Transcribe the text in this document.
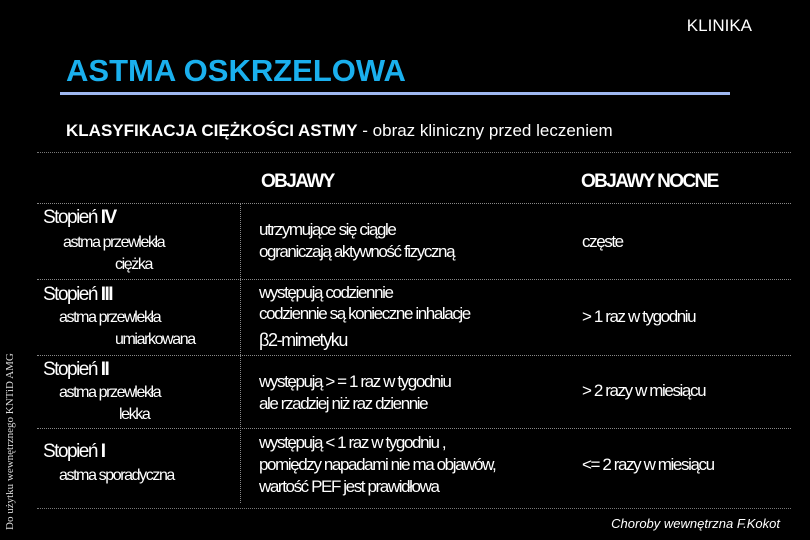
KLINIKA
ASTMA OSKRZELOWA
KLASYFIKACJA CIĘŻKOŚCI ASTMY - obraz kliniczny przed leczeniem
Do użytku wewnętrznego KNTiD AMG
OBJAWY	OBJAWY NOCNE
Stopień IV
astma przewlekła
ciężka
utrzymujące się ciągle
ograniczają aktywność fizyczną
częste
Stopień III
astma przewlekła
umiarkowana
występują codziennie
codziennie są konieczne inhalacje
β2-mimetyku
> 1 raz w tygodniu
Stopień II
astma przewlekła
lekka
występują > = 1 raz w tygodniu
ale rzadziej niż raz dziennie
> 2 razy w miesiącu
Stopień I
astma sporadyczna
występują < 1 raz w tygodniu ,
pomiędzy napadami nie ma objawów,
wartość PEF jest prawidłowa
<= 2 razy w miesiącu
Choroby wewnętrzna F.Kokot
